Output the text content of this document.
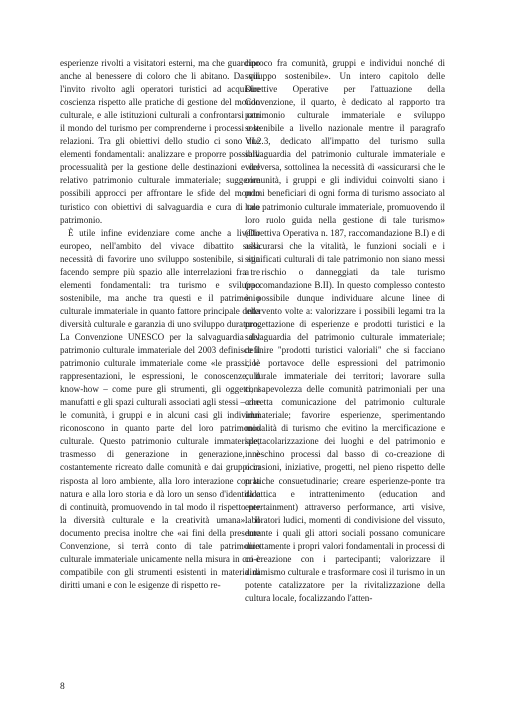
esperienze rivolti a visitatori esterni, ma che guardino anche al benessere di coloro che li abitano. Da qui l'invito rivolto agli operatori turistici ad acquisire coscienza rispetto alle pratiche di gestione del mondo culturale, e alle istituzioni culturali a confrontarsi con il mondo del turismo per comprenderne i processi e le relazioni. Tra gli obiettivi dello studio ci sono due elementi fondamentali: analizzare e proporre possibili processualità per la gestione delle destinazioni e del relativo patrimonio culturale immateriale; suggerire possibili approcci per affrontare le sfide del mondo turistico con obiettivi di salvaguardia e cura di tale patrimonio.

È utile infine evidenziare come anche a livello europeo, nell'ambito del vivace dibattito sulla necessità di favorire uno sviluppo sostenibile, si stia facendo sempre più spazio alle interrelazioni fra tre elementi fondamentali: tra turismo e sviluppo sostenibile, ma anche tra questi e il patrimonio culturale immateriale in quanto fattore principale della diversità culturale e garanzia di uno sviluppo duraturo. La Convenzione UNESCO per la salvaguardia del patrimonio culturale immateriale del 2003 definisce il patrimonio culturale immateriale come «le prassi, le rappresentazioni, le espressioni, le conoscenze, il know-how – come pure gli strumenti, gli oggetti, i manufatti e gli spazi culturali associati agli stessi – che le comunità, i gruppi e in alcuni casi gli individui riconoscono in quanto parte del loro patrimonio culturale. Questo patrimonio culturale immateriale, trasmesso di generazione in generazione, è costantemente ricreato dalle comunità e dai gruppi in risposta al loro ambiente, alla loro interazione con la natura e alla loro storia e dà loro un senso d'identità e di continuità, promuovendo in tal modo il rispetto per la diversità culturale e la creatività umana». Il documento precisa inoltre che «ai fini della presente Convenzione, si terrà conto di tale patrimonio culturale immateriale unicamente nella misura in cui è compatibile con gli strumenti esistenti in materia di diritti umani e con le esigenze di rispetto re-

ciproco fra comunità, gruppi e individui nonché di sviluppo sostenibile». Un intero capitolo delle Direttive Operative per l'attuazione della Convenzione, il quarto, è dedicato al rapporto tra patrimonio culturale immateriale e sviluppo sostenibile a livello nazionale mentre il paragrafo VI.2.3, dedicato all'impatto del turismo sulla salvaguardia del patrimonio culturale immateriale e viceversa, sottolinea la necessità di «assicurarsi che le comunità, i gruppi e gli individui coinvolti siano i primi beneficiari di ogni forma di turismo associato al loro patrimonio culturale immateriale, promuovendo il loro ruolo guida nella gestione di tale turismo» (Direttiva Operativa n. 187, raccomandazione B.I) e di assicurarsi che la vitalità, le funzioni sociali e i significati culturali di tale patrimonio non siano messi a rischio o danneggiati da tale turismo (raccomandazione B.II). In questo complesso contesto è possibile dunque individuare alcune linee di intervento volte a: valorizzare i possibili legami tra la progettazione di esperienze e prodotti turistici e la salvaguardia del patrimonio culturale immateriale; definire "prodotti turistici valoriali" che si facciano cioè portavoce delle espressioni del patrimonio culturale immateriale dei territori; lavorare sulla consapevolezza delle comunità patrimoniali per una corretta comunicazione del patrimonio culturale immateriale; favorire esperienze, sperimentando modalità di turismo che evitino la mercificazione e spettacolarizzazione dei luoghi e del patrimonio e inneschino processi dal basso di co-creazione di occasioni, iniziative, progetti, nel pieno rispetto delle pratiche consuetudinarie; creare esperienze-ponte tra didattica e intrattenimento (education and entertainment) attraverso performance, arti visive, laboratori ludici, momenti di condivisione del vissuto, durante i quali gli attori sociali possano comunicare direttamente i propri valori fondamentali in processi di co-creazione con i partecipanti; valorizzare il dinamismo culturale e trasformare così il turismo in un potente catalizzatore per la rivitalizzazione della cultura locale, focalizzando l'atten-

8
